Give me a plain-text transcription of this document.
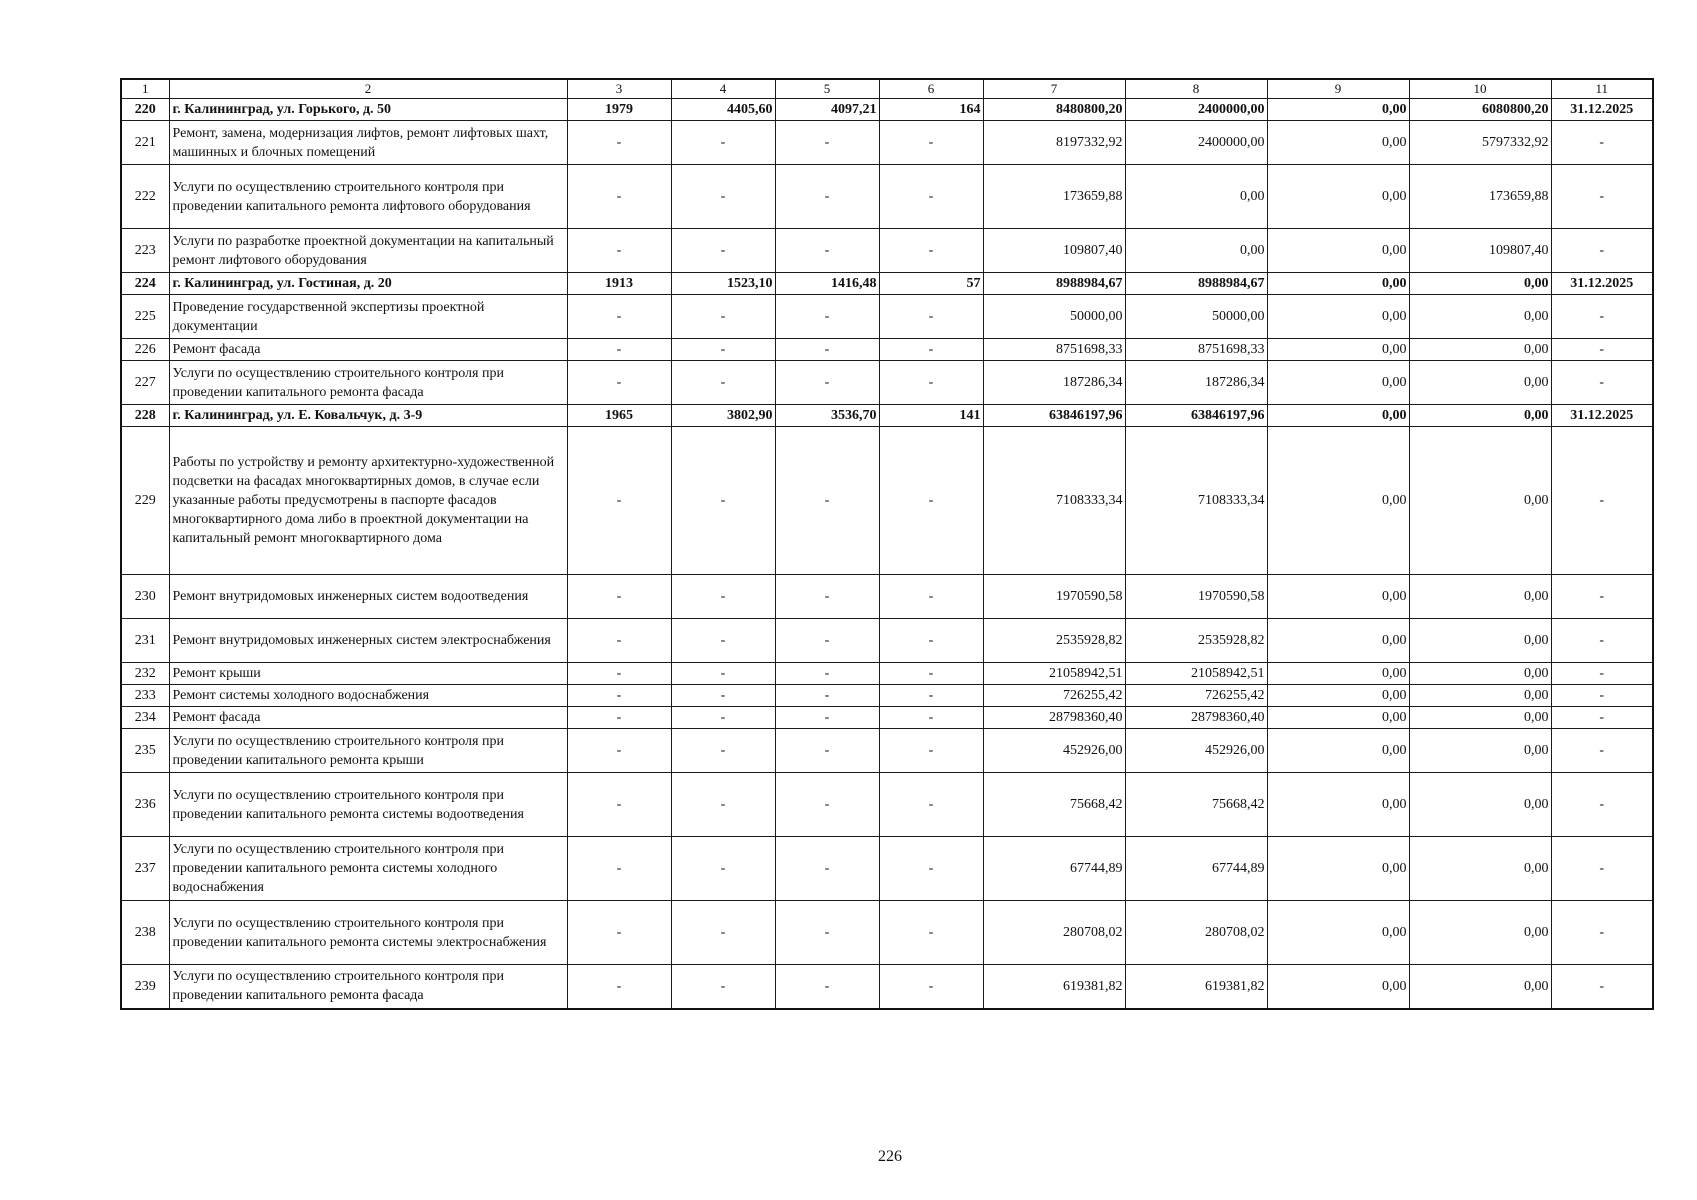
1	2	3	4	5	6	7	8	9	10	11
220	г. Калининград, ул. Горького, д. 50	1979	4405,60	4097,21	164	8480800,20	2400000,00	0,00	6080800,20	31.12.2025
221	Ремонт, замена, модернизация лифтов, ремонт лифтовых шахт, машинных и блочных помещений	-	-	-	-	8197332,92	2400000,00	0,00	5797332,92	-
222	Услуги по осуществлению строительного контроля при проведении капитального ремонта лифтового оборудования	-	-	-	-	173659,88	0,00	0,00	173659,88	-
223	Услуги по разработке проектной документации на капитальный ремонт лифтового оборудования	-	-	-	-	109807,40	0,00	0,00	109807,40	-
224	г. Калининград, ул. Гостиная, д. 20	1913	1523,10	1416,48	57	8988984,67	8988984,67	0,00	0,00	31.12.2025
225	Проведение государственной экспертизы проектной документации	-	-	-	-	50000,00	50000,00	0,00	0,00	-
226	Ремонт фасада	-	-	-	-	8751698,33	8751698,33	0,00	0,00	-
227	Услуги по осуществлению строительного контроля при проведении капитального ремонта фасада	-	-	-	-	187286,34	187286,34	0,00	0,00	-
228	г. Калининград, ул. Е. Ковальчук, д. 3-9	1965	3802,90	3536,70	141	63846197,96	63846197,96	0,00	0,00	31.12.2025
229	Работы по устройству и ремонту архитектурно-художественной подсветки на фасадах многоквартирных домов, в случае если указанные работы предусмотрены в паспорте фасадов многоквартирного дома либо в проектной документации на капитальный ремонт многоквартирного дома	-	-	-	-	7108333,34	7108333,34	0,00	0,00	-
230	Ремонт внутридомовых инженерных систем водоотведения	-	-	-	-	1970590,58	1970590,58	0,00	0,00	-
231	Ремонт внутридомовых инженерных систем электроснабжения	-	-	-	-	2535928,82	2535928,82	0,00	0,00	-
232	Ремонт крыши	-	-	-	-	21058942,51	21058942,51	0,00	0,00	-
233	Ремонт системы холодного водоснабжения	-	-	-	-	726255,42	726255,42	0,00	0,00	-
234	Ремонт фасада	-	-	-	-	28798360,40	28798360,40	0,00	0,00	-
235	Услуги по осуществлению строительного контроля при проведении капитального ремонта крыши	-	-	-	-	452926,00	452926,00	0,00	0,00	-
236	Услуги по осуществлению строительного контроля при проведении капитального ремонта системы водоотведения	-	-	-	-	75668,42	75668,42	0,00	0,00	-
237	Услуги по осуществлению строительного контроля при проведении капитального ремонта системы холодного водоснабжения	-	-	-	-	67744,89	67744,89	0,00	0,00	-
238	Услуги по осуществлению строительного контроля при проведении капитального ремонта системы электроснабжения	-	-	-	-	280708,02	280708,02	0,00	0,00	-
239	Услуги по осуществлению строительного контроля при проведении капитального ремонта фасада	-	-	-	-	619381,82	619381,82	0,00	0,00	-
226
